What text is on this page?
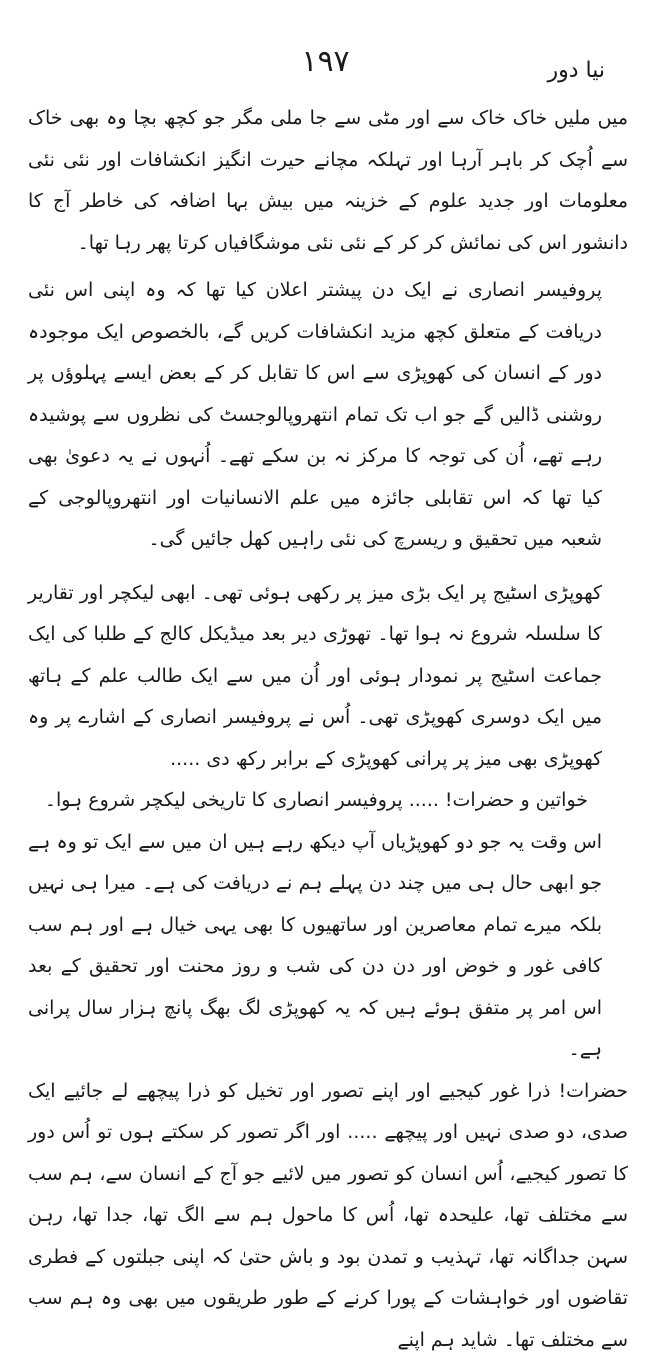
۱۹۷	نیا دور

میں ملیں خاک خاک سے اور مٹی سے جا ملی مگر جو کچھ بچا وہ بھی خاک سے اُچک کر باہر آرہا اور تہلکہ مچانے حیرت انگیز انکشافات اور نئی نئی معلومات اور جدید علوم کے خزینہ میں بیش بہا اضافہ کی خاطر آج کا دانشور اس کی نمائش کر کر کے نئی نئی موشگافیاں کرتا پھر رہا تھا۔

پروفیسر انصاری نے ایک دن پیشتر اعلان کیا تھا کہ وہ اپنی اس نئی دریافت کے متعلق کچھ مزید انکشافات کریں گے، بالخصوص ایک موجودہ دور کے انسان کی کھوپڑی سے اس کا تقابل کر کے بعض ایسے پہلوؤں پر روشنی ڈالیں گے جو اب تک تمام انتھروپالوجسٹ کی نظروں سے پوشیدہ رہے تھے، اُن کی توجہ کا مرکز نہ بن سکے تھے۔ اُنہوں نے یہ دعویٰ بھی کیا تھا کہ اس تقابلی جائزہ میں علم الانسانیات اور انتھروپالوجی کے شعبہ میں تحقیق و ریسرچ کی نئی راہیں کھل جائیں گی۔

کھوپڑی اسٹیج پر ایک بڑی میز پر رکھی ہوئی تھی۔ ابھی لیکچر اور تقاریر کا سلسلہ شروع نہ ہوا تھا۔ تھوڑی دیر بعد میڈیکل کالج کے طلبا کی ایک جماعت اسٹیج پر نمودار ہوئی اور اُن میں سے ایک طالب علم کے ہاتھ میں ایک دوسری کھوپڑی تھی۔ اُس نے پروفیسر انصاری کے اشارے پر وہ کھوپڑی بھی میز پر پرانی کھوپڑی کے برابر رکھ دی .....

خواتین و حضرات! ..... پروفیسر انصاری کا تاریخی لیکچر شروع ہوا۔

اس وقت یہ جو دو کھوپڑیاں آپ دیکھ رہے ہیں ان میں سے ایک تو وہ ہے جو ابھی حال ہی میں چند دن پہلے ہم نے دریافت کی ہے۔ میرا ہی نہیں بلکہ میرے تمام معاصرین اور ساتھیوں کا بھی یہی خیال ہے اور ہم سب کافی غور و خوض اور دن دن کی شب و روز محنت اور تحقیق کے بعد اس امر پر متفق ہوئے ہیں کہ یہ کھوپڑی لگ بھگ پانچ ہزار سال پرانی ہے۔

حضرات! ذرا غور کیجیے اور اپنے تصور اور تخیل کو ذرا پیچھے لے جائیے ایک صدی، دو صدی نہیں اور پیچھے ..... اور اگر تصور کر سکتے ہوں تو اُس دور کا تصور کیجیے، اُس انسان کو تصور میں لائیے جو آج کے انسان سے، ہم سب سے مختلف تھا، علیحدہ تھا، اُس کا ماحول ہم سے الگ تھا، جدا تھا، رہن سہن جداگانہ تھا، تہذیب و تمدن بود و باش حتیٰ کہ اپنی جبلتوں کے فطری تقاضوں اور خواہشات کے پورا کرنے کے طور طریقوں میں بھی وہ ہم سب سے مختلف تھا۔ شاید ہم اپنے
